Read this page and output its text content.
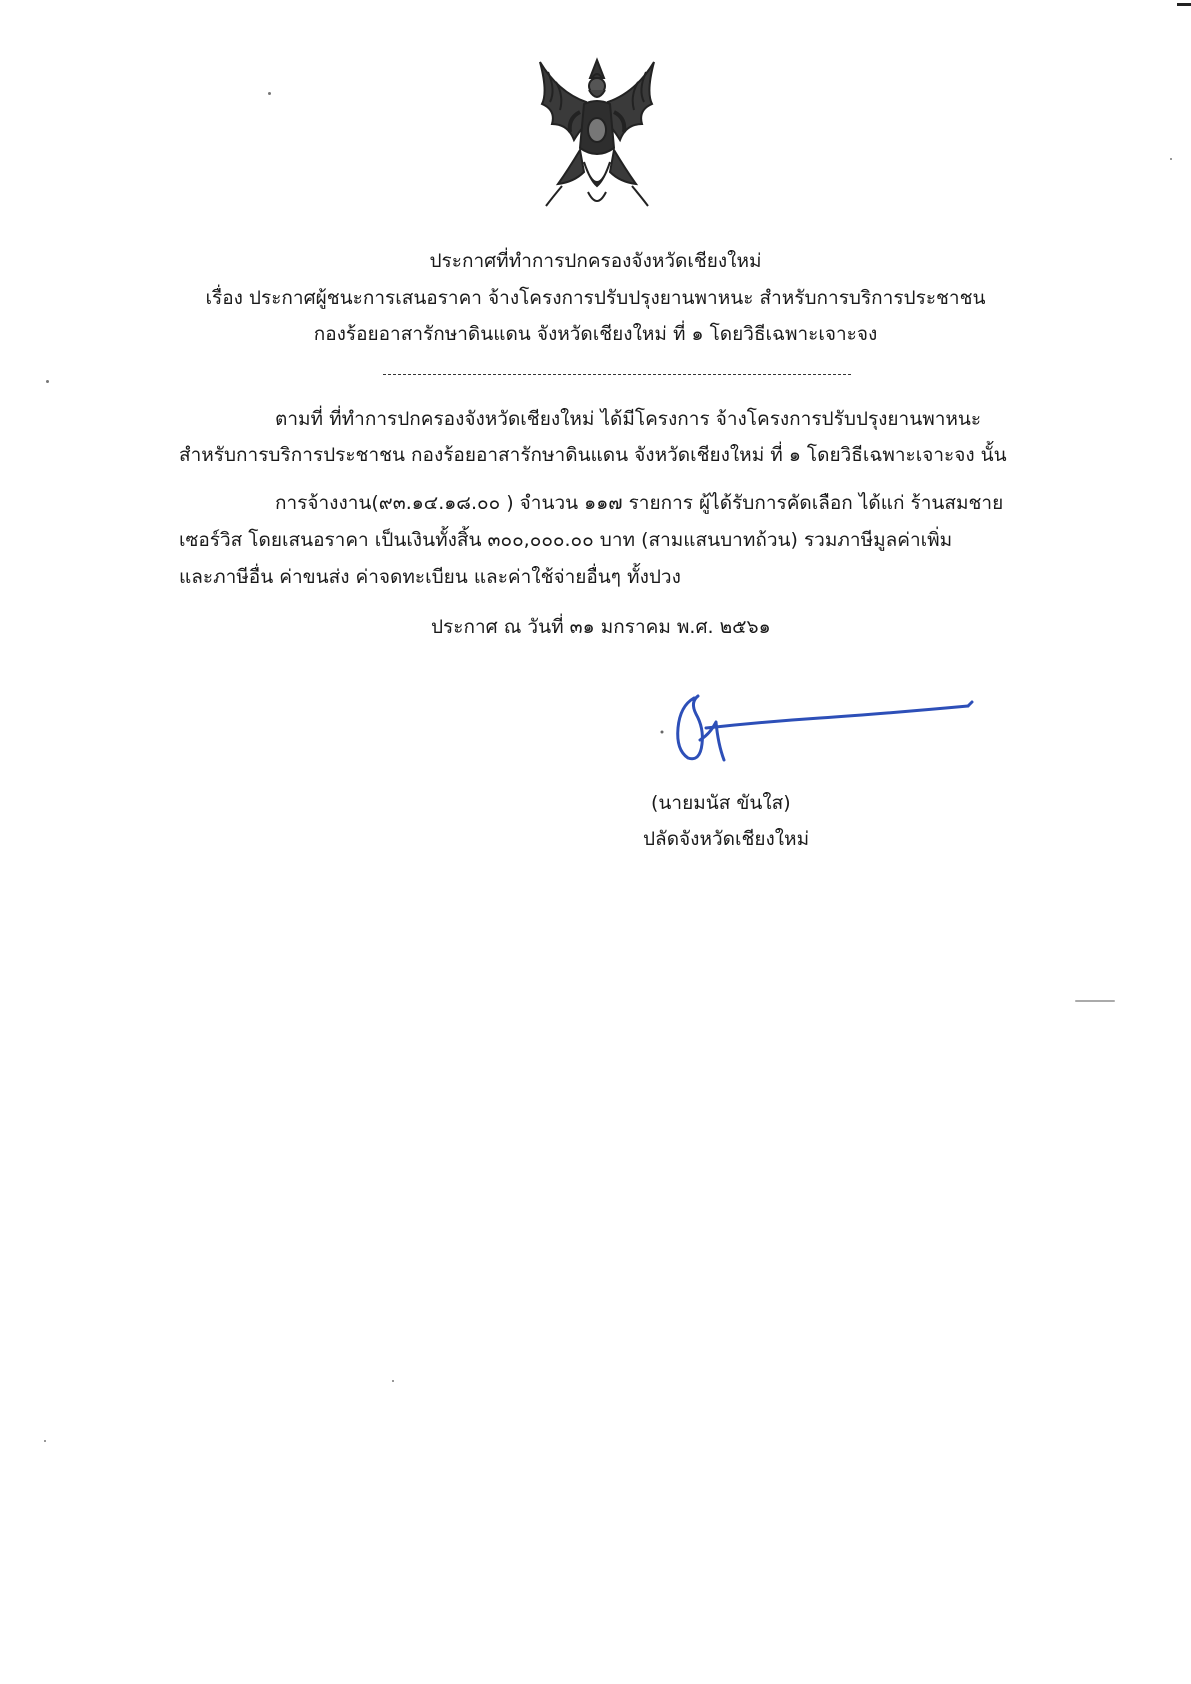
ประกาศที่ทำการปกครองจังหวัดเชียงใหม่
เรื่อง ประกาศผู้ชนะการเสนอราคา จ้างโครงการปรับปรุงยานพาหนะ สำหรับการบริการประชาชน
กองร้อยอาสารักษาดินแดน จังหวัดเชียงใหม่ ที่ ๑ โดยวิธีเฉพาะเจาะจง
ตามที่ ที่ทำการปกครองจังหวัดเชียงใหม่ ได้มีโครงการ จ้างโครงการปรับปรุงยานพาหนะ
สำหรับการบริการประชาชน กองร้อยอาสารักษาดินแดน จังหวัดเชียงใหม่ ที่ ๑ โดยวิธีเฉพาะเจาะจง นั้น
การจ้างงาน(๙๓.๑๔.๑๘.๐๐ ) จำนวน ๑๑๗ รายการ ผู้ได้รับการคัดเลือก ได้แก่ ร้านสมชาย
เซอร์วิส โดยเสนอราคา เป็นเงินทั้งสิ้น ๓๐๐,๐๐๐.๐๐ บาท (สามแสนบาทถ้วน) รวมภาษีมูลค่าเพิ่ม
และภาษีอื่น ค่าขนส่ง ค่าจดทะเบียน และค่าใช้จ่ายอื่นๆ ทั้งปวง
ประกาศ ณ วันที่ ๓๑ มกราคม พ.ศ. ๒๕๖๑
(นายมนัส ขันใส)
ปลัดจังหวัดเชียงใหม่
